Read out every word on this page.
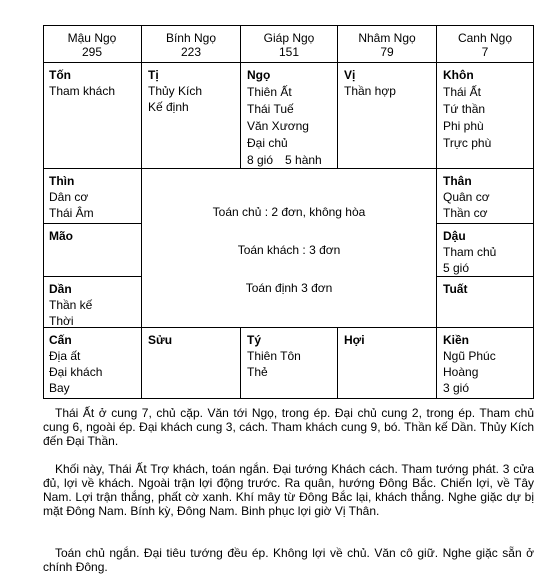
Mậu Ngọ
295
Bính Ngọ
223
Giáp Ngọ
151
Nhâm Ngọ
79
Canh Ngọ
7
Tốn
Tham khách
Tị
Thủy Kích
Kế định
Ngọ
Thiên Ất
Thái Tuế
Văn Xương
Đại chủ
8 gió 5 hành
Vị
Thần hợp
Khôn
Thái Ất
Tứ thần
Phi phù
Trực phù
Thìn
Dân cơ
Thái Âm
Mão
Dần
Thần kế
Thời
Toán chủ : 2 đơn, không hòa
Toán khách : 3 đơn
Toán định 3 đơn
Thân
Quân cơ
Thần cơ
Dậu
Tham chủ
5 gió
Tuất
Cấn
Địa ất
Đại khách
Bay
Sửu	Tý
Thiên Tôn
Thẻ
Hợi	Kiền
Ngũ Phúc
Hoàng
3 gió

Thái Ất ở cung 7, chủ cặp. Văn tới Ngọ, trong ép. Đại chủ cung 2, trong ép. Tham chủ cung 6, ngoài ép. Đại khách cung 3, cách. Tham khách cung 9, bó. Thần kế Dần. Thủy Kích đến Đại Thần.

Khối này, Thái Ất Trợ khách, toán ngắn. Đại tướng Khách cách. Tham tướng phát. 3 cửa đủ, lợi về khách. Ngoài trận lợi động trước. Ra quân, hướng Đông Bắc. Chiến lợi, về Tây Nam. Lợi trận thắng, phất cờ xanh. Khí mây từ Đông Bắc lại, khách thắng. Nghe giặc dự bị mặt Đông Nam. Bính kỳ, Đông Nam. Binh phục lợi giờ Vị Thân.

Toán chủ ngắn. Đại tiêu tướng đều ép. Không lợi về chủ. Văn cô giữ. Nghe giặc sẵn ở chính Đông.
